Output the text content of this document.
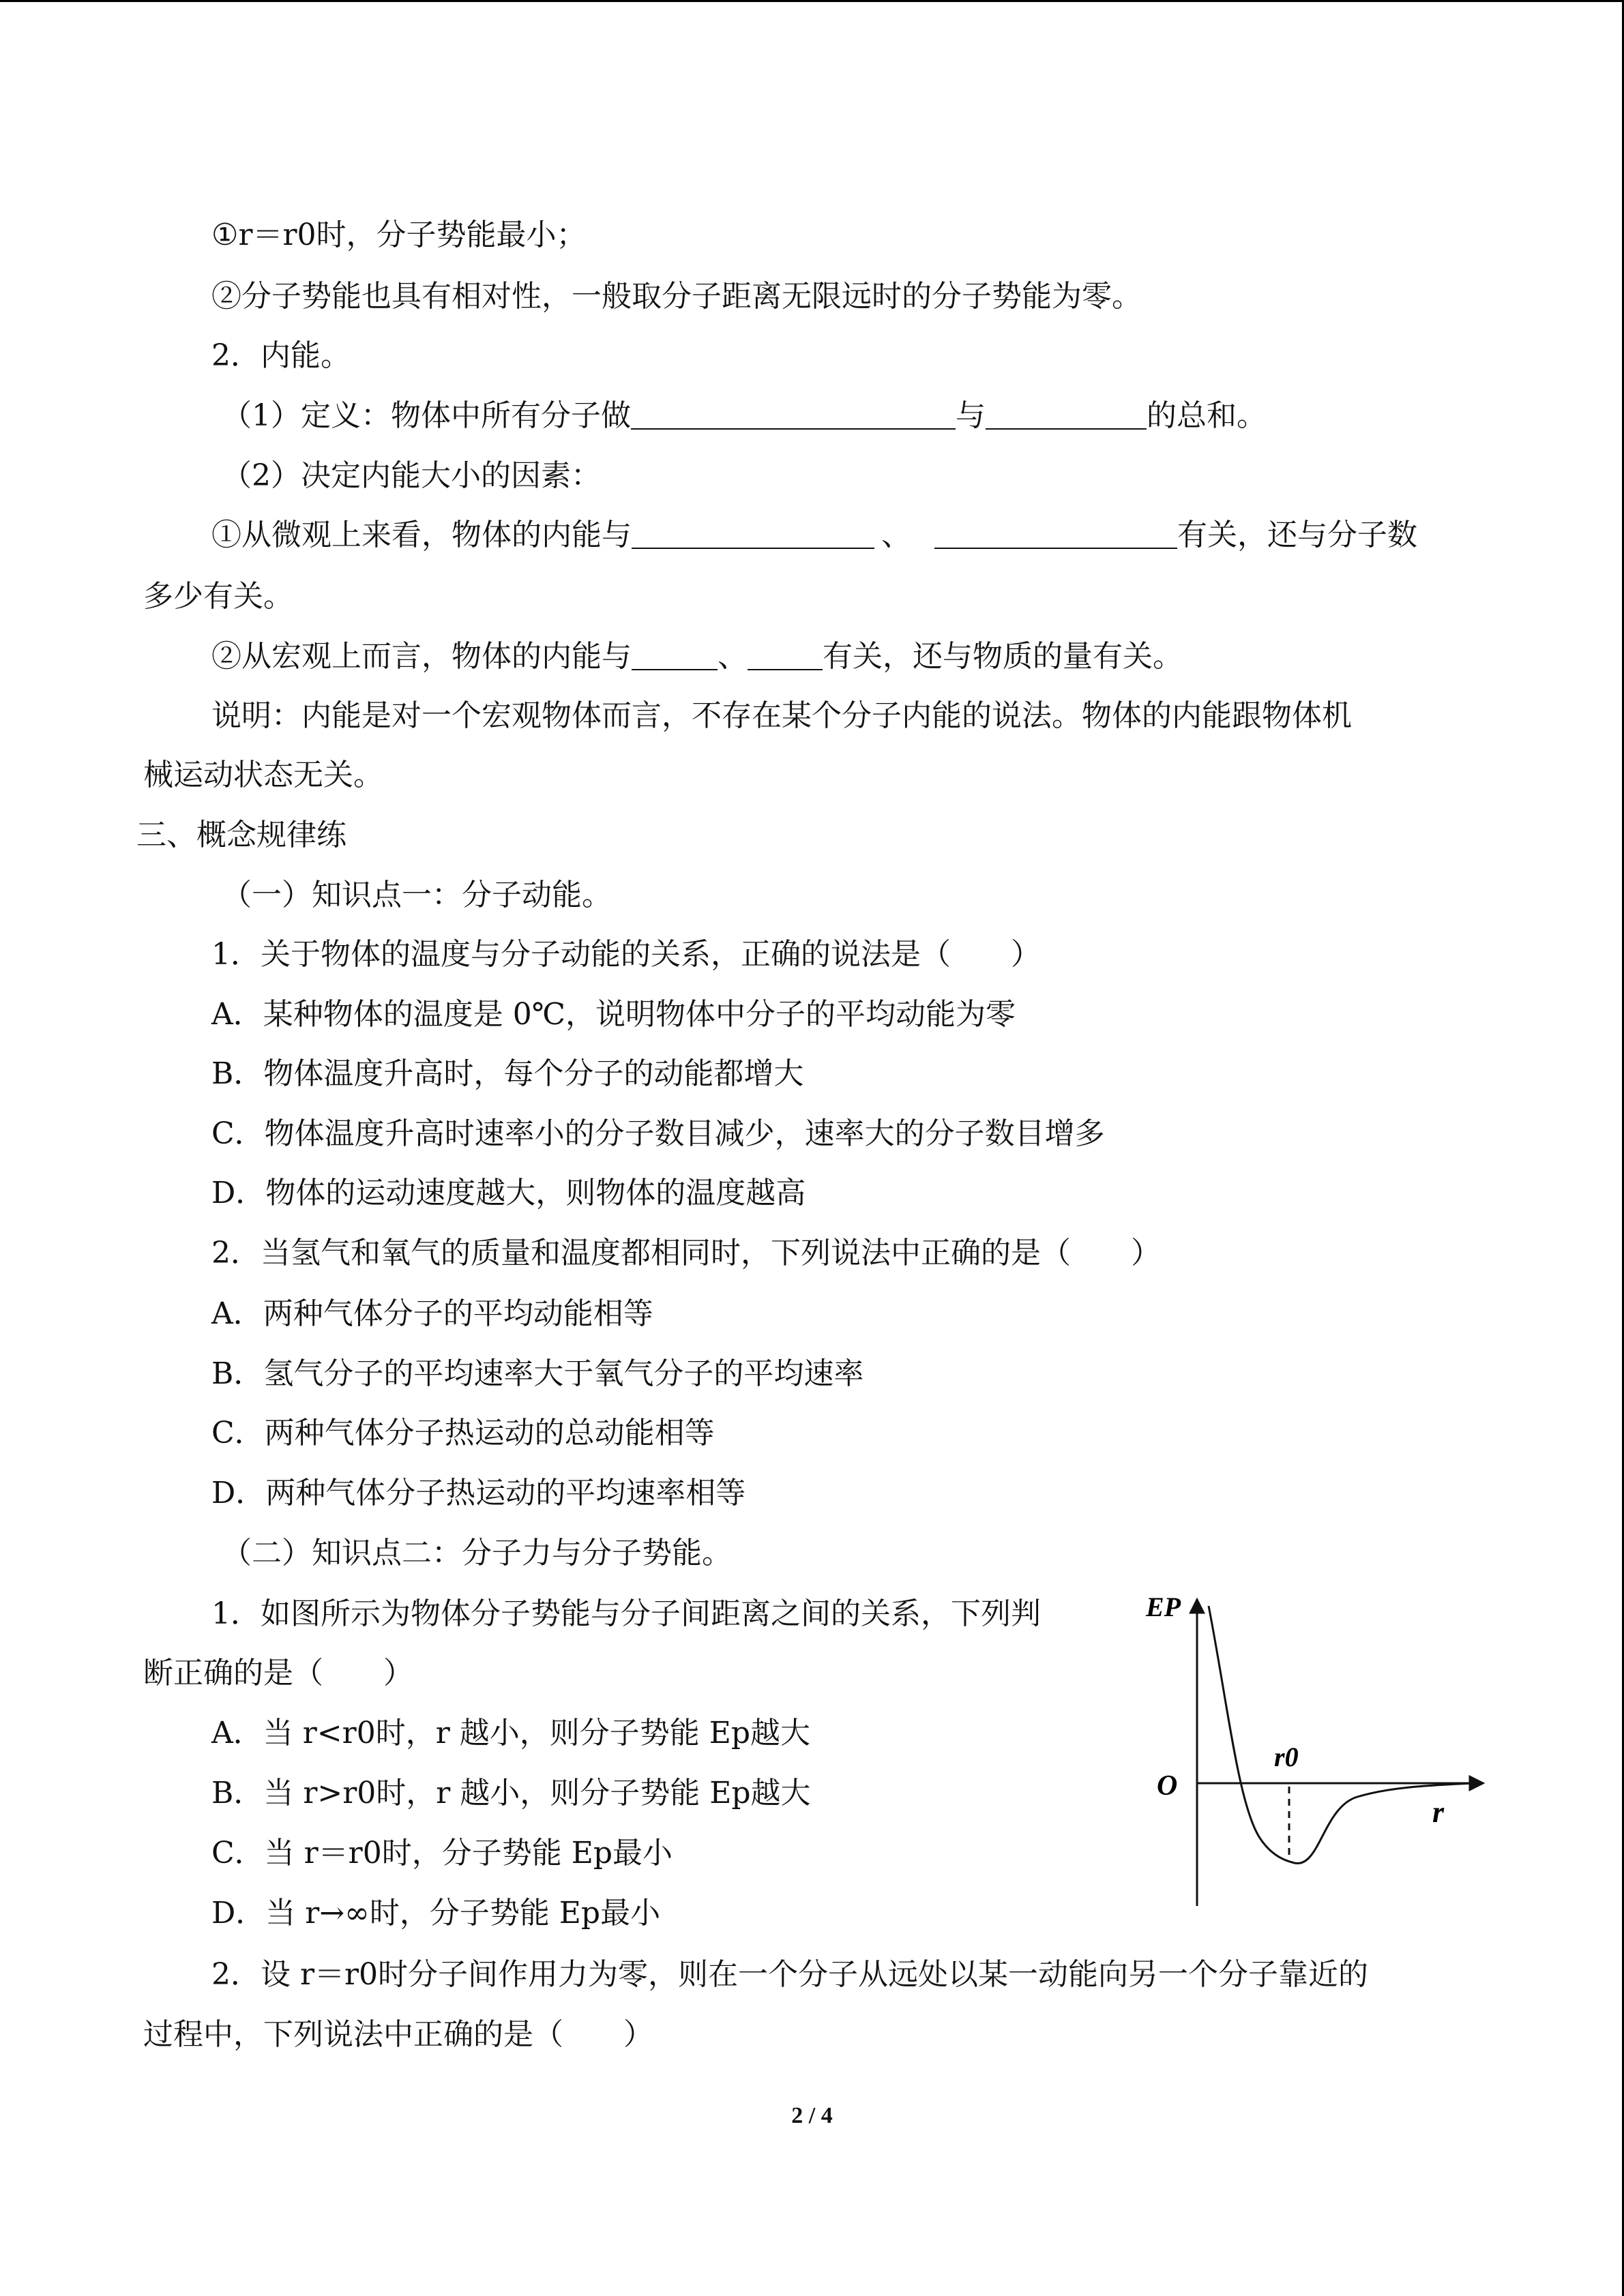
①r＝r0时，分子势能最小；
②分子势能也具有相对性，一般取分子距离无限远时的分子势能为零。
2．内能。
（1）定义：物体中所有分子做	与	的总和。
（2）决定内能大小的因素：
①从微观上来看，物体的内能与	、	有关，还与分子数
多少有关。
②从宏观上而言，物体的内能与	、	有关，还与物质的量有关。
说明：内能是对一个宏观物体而言，不存在某个分子内能的说法。物体的内能跟物体机
械运动状态无关。
三、概念规律练
（一）知识点一：分子动能。
1．关于物体的温度与分子动能的关系，正确的说法是（　　）
A．某种物体的温度是 0℃，说明物体中分子的平均动能为零
B．物体温度升高时，每个分子的动能都增大
C．物体温度升高时速率小的分子数目减少，速率大的分子数目增多
D．物体的运动速度越大，则物体的温度越高
2．当氢气和氧气的质量和温度都相同时，下列说法中正确的是（　　）
A．两种气体分子的平均动能相等
B．氢气分子的平均速率大于氧气分子的平均速率
C．两种气体分子热运动的总动能相等
D．两种气体分子热运动的平均速率相等
（二）知识点二：分子力与分子势能。
1．如图所示为物体分子势能与分子间距离之间的关系，下列判
断正确的是（　　）
A．当 r<r0时，r 越小，则分子势能 Ep越大
B．当 r>r0时，r 越小，则分子势能 Ep越大
C．当 r＝r0时，分子势能 Ep最小
D．当 r→∞时，分子势能 Ep最小
2．设 r＝r0时分子间作用力为零，则在一个分子从远处以某一动能向另一个分子靠近的
过程中，下列说法中正确的是（　　）
EP
O
r0
r
2 / 4
